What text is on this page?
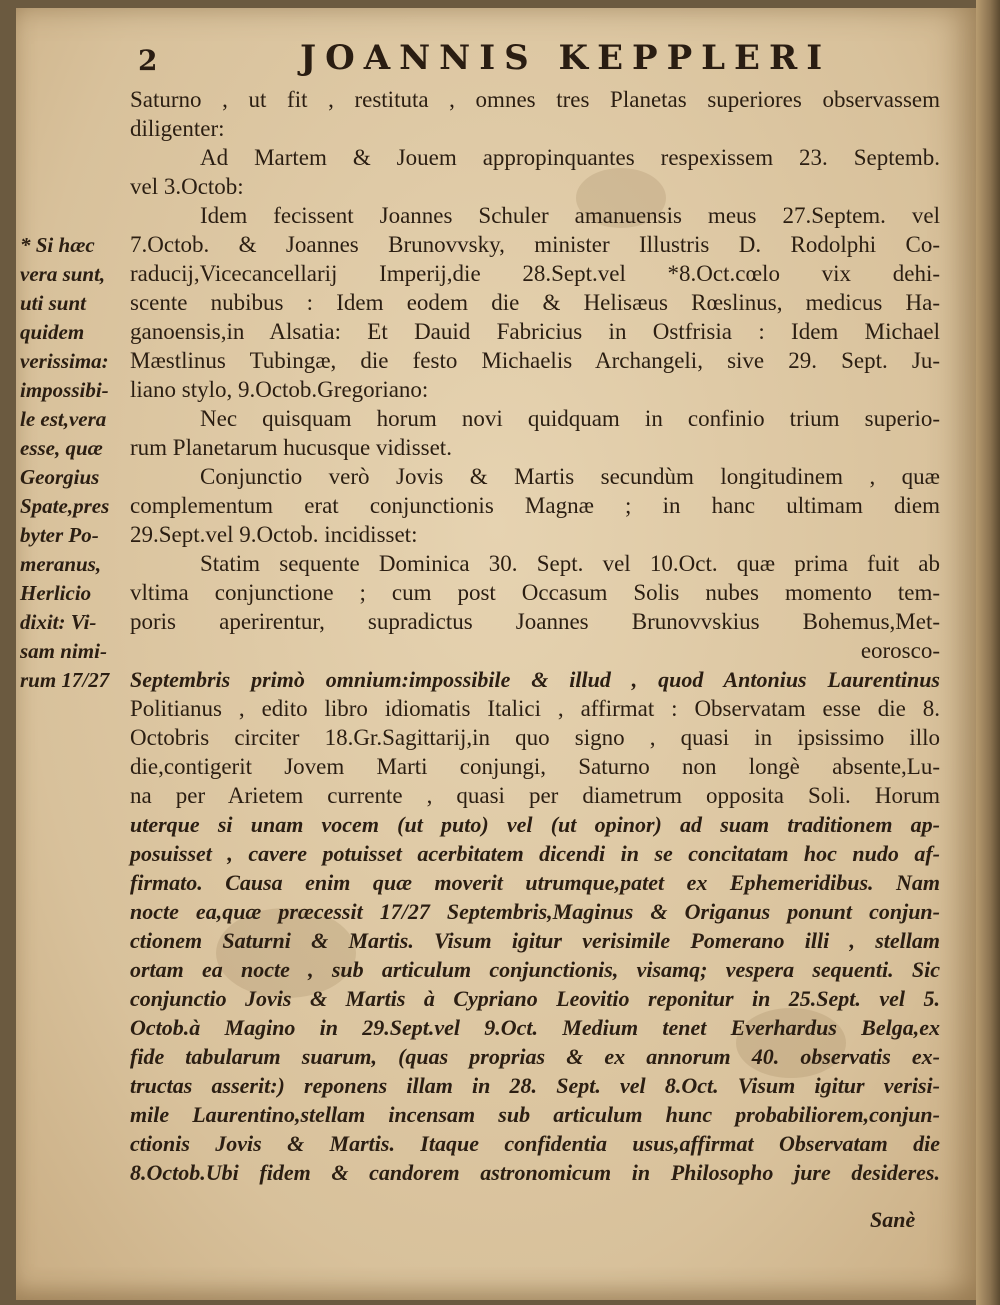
2	JOANNIS KEPPLERI
Saturno , ut fit , restituta , omnes tres Planetas superiores observassem
diligenter:
Ad Martem & Jouem appropinquantes respexissem 23. Septemb.
vel 3.Octob:
Idem fecissent Joannes Schuler amanuensis meus 27.Septem. vel
7.Octob. & Joannes Brunovvsky, minister Illustris D. Rodolphi Co-
raducij,Vicecancellarij Imperij,die 28.Sept.vel *8.Oct.cœlo vix dehi-
scente nubibus : Idem eodem die & Helisæus Rœslinus, medicus Ha-
ganoensis,in Alsatia: Et Dauid Fabricius in Ostfrisia : Idem Michael
Mæstlinus Tubingæ, die festo Michaelis Archangeli, sive 29. Sept. Ju-
liano stylo, 9.Octob.Gregoriano:
Nec quisquam horum novi quidquam in confinio trium superio-
rum Planetarum hucusque vidisset.
Conjunctio verò Jovis & Martis secundùm longitudinem , quæ
complementum erat conjunctionis Magnæ ; in hanc ultimam diem
29.Sept.vel 9.Octob. incidisset:
Statim sequente Dominica 30. Sept. vel 10.Oct. quæ prima fuit ab
vltima conjunctione ; cum post Occasum Solis nubes momento tem-
poris aperirentur, supradictus Joannes Brunovvskius Bohemus,Met-
eorosco-
Septembris primò omnium:impossibile & illud , quod Antonius Laurentinus
Politianus , edito libro idiomatis Italici , affirmat : Observatam esse die 8.
Octobris circiter 18.Gr.Sagittarij,in quo signo , quasi in ipsissimo illo
die,contigerit Jovem Marti conjungi, Saturno non longè absente,Lu-
na per Arietem currente , quasi per diametrum opposita Soli. Horum
uterque si unam vocem (ut puto) vel (ut opinor) ad suam traditionem ap-
posuisset , cavere potuisset acerbitatem dicendi in se concitatam hoc nudo af-
firmato. Causa enim quæ moverit utrumque,patet ex Ephemeridibus. Nam
nocte ea,quæ præcessit 17/27 Septembris,Maginus & Origanus ponunt conjun-
ctionem Saturni & Martis. Visum igitur verisimile Pomerano illi , stellam
ortam ea nocte , sub articulum conjunctionis, visamq; vespera sequenti. Sic
conjunctio Jovis & Martis à Cypriano Leovitio reponitur in 25.Sept. vel 5.
Octob.à Magino in 29.Sept.vel 9.Oct. Medium tenet Everhardus Belga,ex
fide tabularum suarum, (quas proprias & ex annorum 40. observatis ex-
tructas asserit:) reponens illam in 28. Sept. vel 8.Oct. Visum igitur verisi-
mile Laurentino,stellam incensam sub articulum hunc probabiliorem,conjun-
ctionis Jovis & Martis. Itaque confidentia usus,affirmat Observatam die
8.Octob.Ubi fidem & candorem astronomicum in Philosopho jure desideres.
* Si hæc
vera sunt,
uti sunt
quidem
verissima:
impossibi-
le est,vera
esse, quæ
Georgius
Spate,pres
byter Po-
meranus,
Herlicio
dixit: Vi-
sam nimi-
rum 17/27
Sanè
